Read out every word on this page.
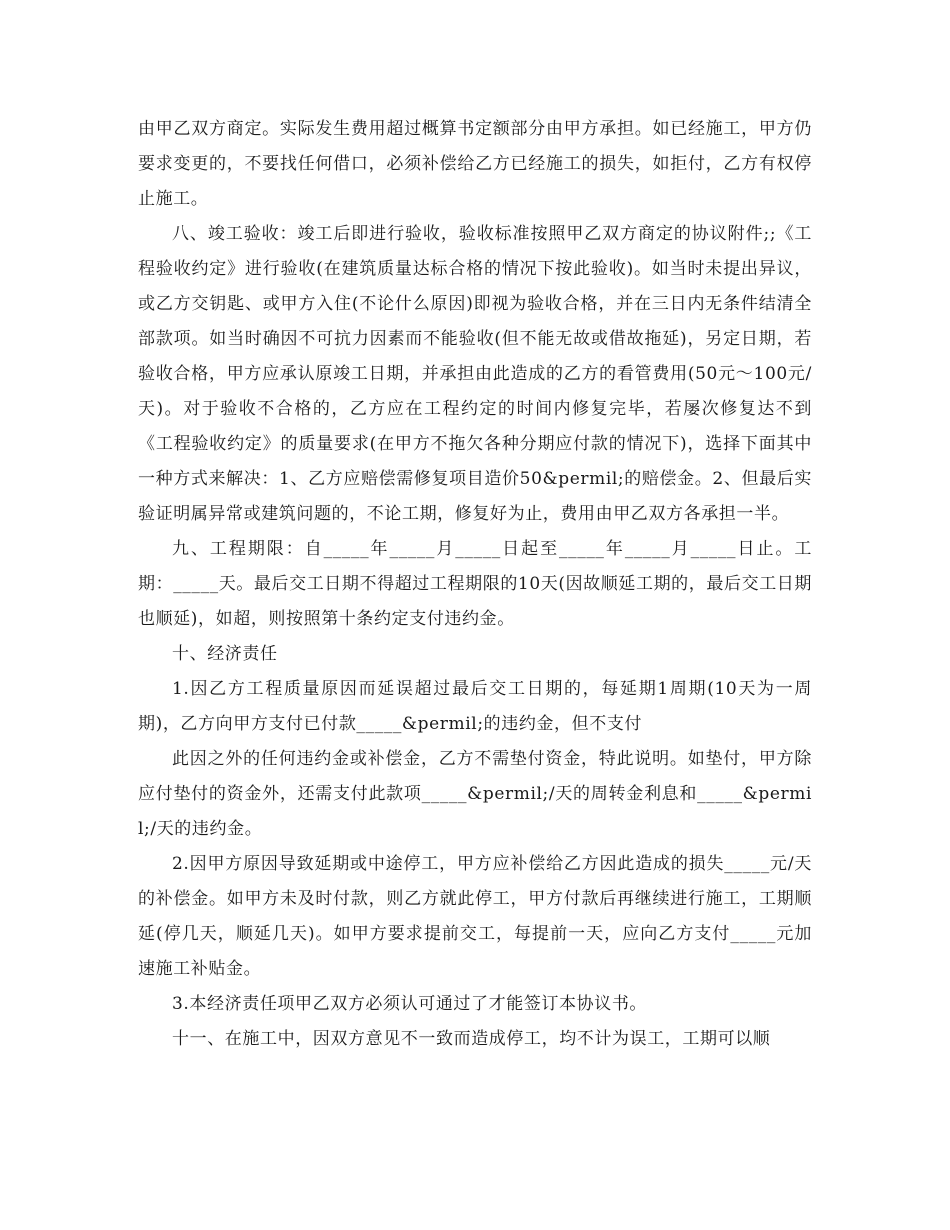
由甲乙双方商定。实际发生费用超过概算书定额部分由甲方承担。如已经施工，甲方仍要求变更的，不要找任何借口，必须补偿给乙方已经施工的损失，如拒付，乙方有权停止施工。

八、竣工验收：竣工后即进行验收，验收标准按照甲乙双方商定的协议附件;;《工程验收约定》进行验收(在建筑质量达标合格的情况下按此验收)。如当时未提出异议，或乙方交钥匙、或甲方入住(不论什么原因)即视为验收合格，并在三日内无条件结清全部款项。如当时确因不可抗力因素而不能验收(但不能无故或借故拖延)，另定日期，若验收合格，甲方应承认原竣工日期，并承担由此造成的乙方的看管费用(50元～100元/天)。对于验收不合格的，乙方应在工程约定的时间内修复完毕，若屡次修复达不到《工程验收约定》的质量要求(在甲方不拖欠各种分期应付款的情况下)，选择下面其中一种方式来解决：1、乙方应赔偿需修复项目造价50&permil;的赔偿金。2、但最后实验证明属异常或建筑问题的，不论工期，修复好为止，费用由甲乙双方各承担一半。

九、工程期限：自_____年_____月_____日起至_____年_____月_____日止。工期：_____天。最后交工日期不得超过工程期限的10天(因故顺延工期的，最后交工日期也顺延)，如超，则按照第十条约定支付违约金。

十、经济责任

1.因乙方工程质量原因而延误超过最后交工日期的，每延期1周期(10天为一周期)，乙方向甲方支付已付款_____&permil;的违约金，但不支付

此因之外的任何违约金或补偿金，乙方不需垫付资金，特此说明。如垫付，甲方除应付垫付的资金外，还需支付此款项_____&permil;/天的周转金利息和_____&permil;/天的违约金。

2.因甲方原因导致延期或中途停工，甲方应补偿给乙方因此造成的损失_____元/天的补偿金。如甲方未及时付款，则乙方就此停工，甲方付款后再继续进行施工，工期顺延(停几天，顺延几天)。如甲方要求提前交工，每提前一天，应向乙方支付_____元加速施工补贴金。

3.本经济责任项甲乙双方必须认可通过了才能签订本协议书。

十一、在施工中，因双方意见不一致而造成停工，均不计为误工，工期可以顺
